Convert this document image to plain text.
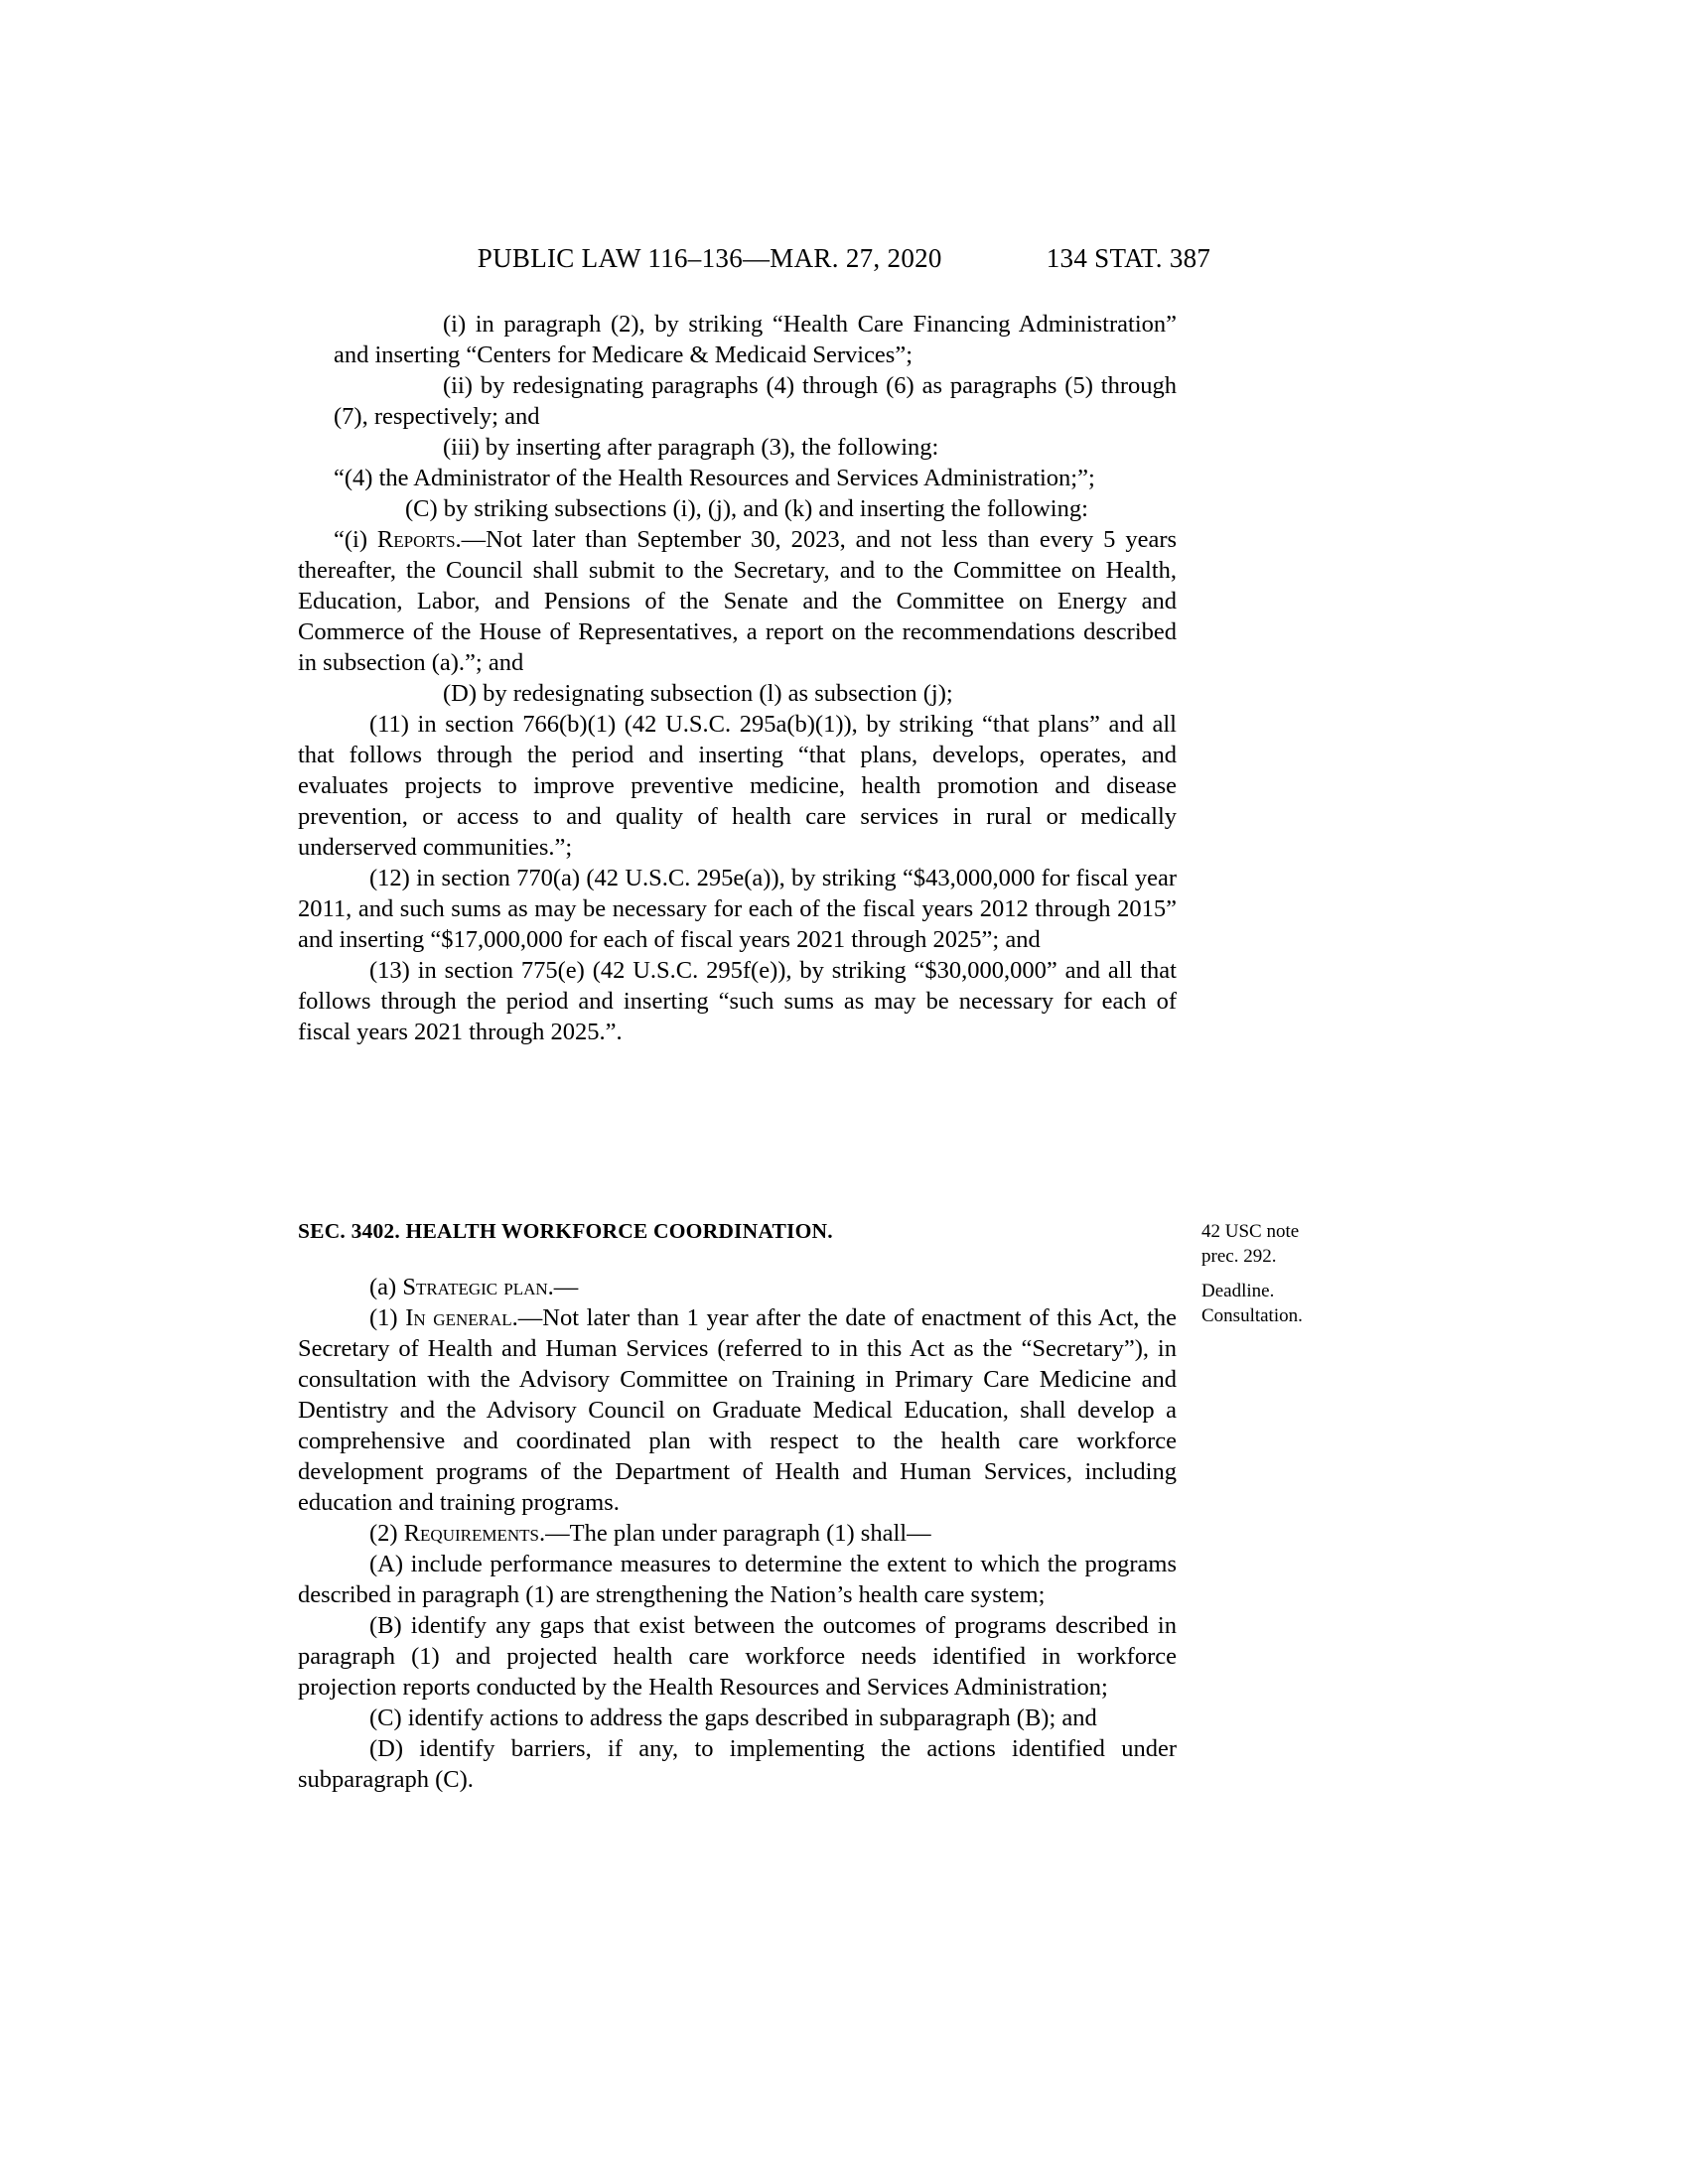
PUBLIC LAW 116–136—MAR. 27, 2020	134 STAT. 387

(i) in paragraph (2), by striking “Health Care Financing Administration” and inserting “Centers for Medicare & Medicaid Services”;

(ii) by redesignating paragraphs (4) through (6) as paragraphs (5) through (7), respectively; and

(iii) by inserting after paragraph (3), the following:

“(4) the Administrator of the Health Resources and Services Administration;”;

(C) by striking subsections (i), (j), and (k) and inserting the following:

“(i) Reports.—Not later than September 30, 2023, and not less than every 5 years thereafter, the Council shall submit to the Secretary, and to the Committee on Health, Education, Labor, and Pensions of the Senate and the Committee on Energy and Commerce of the House of Representatives, a report on the recommendations described in subsection (a).”; and

(D) by redesignating subsection (l) as subsection (j);

(11) in section 766(b)(1) (42 U.S.C. 295a(b)(1)), by striking “that plans” and all that follows through the period and inserting “that plans, develops, operates, and evaluates projects to improve preventive medicine, health promotion and disease prevention, or access to and quality of health care services in rural or medically underserved communities.”;

(12) in section 770(a) (42 U.S.C. 295e(a)), by striking “$43,000,000 for fiscal year 2011, and such sums as may be necessary for each of the fiscal years 2012 through 2015” and inserting “$17,000,000 for each of fiscal years 2021 through 2025”; and

(13) in section 775(e) (42 U.S.C. 295f(e)), by striking “$30,000,000” and all that follows through the period and inserting “such sums as may be necessary for each of fiscal years 2021 through 2025.”.

SEC. 3402. HEALTH WORKFORCE COORDINATION.

(a) Strategic plan.—

(1) In general.—Not later than 1 year after the date of enactment of this Act, the Secretary of Health and Human Services (referred to in this Act as the “Secretary”), in consultation with the Advisory Committee on Training in Primary Care Medicine and Dentistry and the Advisory Council on Graduate Medical Education, shall develop a comprehensive and coordinated plan with respect to the health care workforce development programs of the Department of Health and Human Services, including education and training programs.

(2) Requirements.—The plan under paragraph (1) shall—

(A) include performance measures to determine the extent to which the programs described in paragraph (1) are strengthening the Nation’s health care system;

(B) identify any gaps that exist between the outcomes of programs described in paragraph (1) and projected health care workforce needs identified in workforce projection reports conducted by the Health Resources and Services Administration;

(C) identify actions to address the gaps described in subparagraph (B); and

(D) identify barriers, if any, to implementing the actions identified under subparagraph (C).

42 USC note
prec. 292.
Deadline.
Consultation.
